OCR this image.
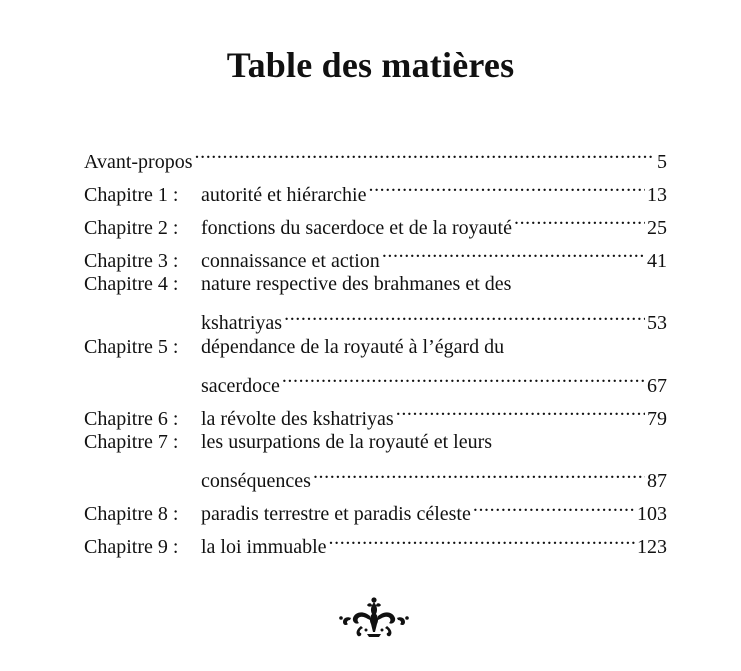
Table des matières
Avant-propos .....	5
Chapitre 1 : autorité et hiérarchie .....	13
Chapitre 2 : fonctions du sacerdoce et de la royauté .....	25
Chapitre 3 : connaissance et action .....	41
Chapitre 4 : nature respective des brahmanes et des
kshatriyas .....	53
Chapitre 5 : dépendance de la royauté à l’égard du
sacerdoce .....	67
Chapitre 6 : la révolte des kshatriyas .....	79
Chapitre 7 : les usurpations de la royauté et leurs
conséquences .....	87
Chapitre 8 : paradis terrestre et paradis céleste .....	103
Chapitre 9 : la loi immuable .....	123
